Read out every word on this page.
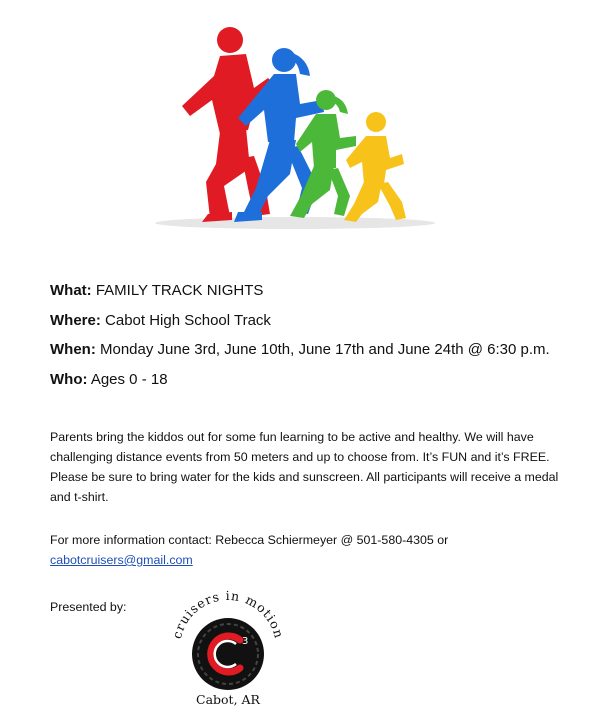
What: FAMILY TRACK NIGHTS
Where: Cabot High School Track
When: Monday June 3rd, June 10th, June 17th and June 24th @ 6:30 p.m.
Who: Ages 0 - 18
Parents bring the kiddos out for some fun learning to be active and healthy. We will have challenging distance events from 50 meters and up to choose from. It’s FUN and it’s FREE. Please be sure to bring water for the kids and sunscreen. All participants will receive a medal and t-shirt.
For more information contact: Rebecca Schiermeyer @ 501-580-4305 or
cabotcruisers@gmail.com
Presented by:
cruisers in motion
3
Cabot, AR
